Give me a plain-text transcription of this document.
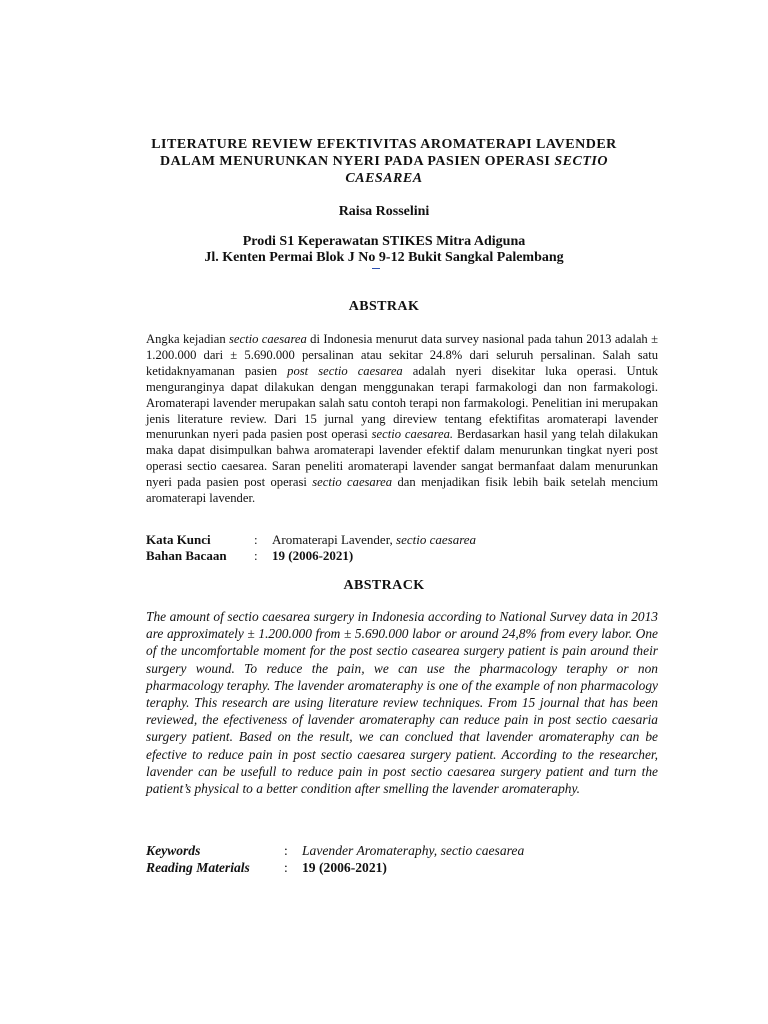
LITERATURE REVIEW EFEKTIVITAS AROMATERAPI LAVENDER
DALAM MENURUNKAN NYERI PADA PASIEN OPERASI SECTIO
CAESAREA
Raisa Rosselini
Prodi S1 Keperawatan STIKES Mitra Adiguna
Jl. Kenten Permai Blok J No 9-12 Bukit Sangkal Palembang
ABSTRAK

Angka kejadian sectio caesarea di Indonesia menurut data survey nasional pada tahun 2013 adalah ± 1.200.000 dari ± 5.690.000 persalinan atau sekitar 24.8% dari seluruh persalinan. Salah satu ketidaknyamanan pasien post sectio caesarea adalah nyeri disekitar luka operasi. Untuk menguranginya dapat dilakukan dengan menggunakan terapi farmakologi dan non farmakologi. Aromaterapi lavender merupakan salah satu contoh terapi non farmakologi. Penelitian ini merupakan jenis literature review. Dari 15 jurnal yang direview tentang efektifitas aromaterapi lavender menurunkan nyeri pada pasien post operasi sectio caesarea. Berdasarkan hasil yang telah dilakukan maka dapat disimpulkan bahwa aromaterapi lavender efektif dalam menurunkan tingkat nyeri post operasi sectio caesarea. Saran peneliti aromaterapi lavender sangat bermanfaat dalam menurunkan nyeri pada pasien post operasi sectio caesarea dan menjadikan fisik lebih baik setelah mencium aromaterapi lavender.

Kata Kunci	:	Aromaterapi Lavender, sectio caesarea
Bahan Bacaan	:	19 (2006-2021)
ABSTRACK

The amount of sectio caesarea surgery in Indonesia according to National Survey data in 2013 are approximately ± 1.200.000 from ± 5.690.000 labor or around 24,8% from every labor. One of the uncomfortable moment for the post sectio casearea surgery patient is pain around their surgery wound. To reduce the pain, we can use the pharmacology teraphy or non pharmacology teraphy. The lavender aromateraphy is one of the example of non pharmacology teraphy. This research are using literature review techniques. From 15 journal that has been reviewed, the efectiveness of lavender aromateraphy can reduce pain in post sectio caesaria surgery patient. Based on the result, we can conclued that lavender aromateraphy can be efective to reduce pain in post sectio caesarea surgery patient. According to the researcher, lavender can be usefull to reduce pain in post sectio caesarea surgery patient and turn the patient’s physical to a better condition after smelling the lavender aromateraphy.

Keywords	:	Lavender Aromateraphy, sectio caesarea
Reading Materials	:	19 (2006-2021)
